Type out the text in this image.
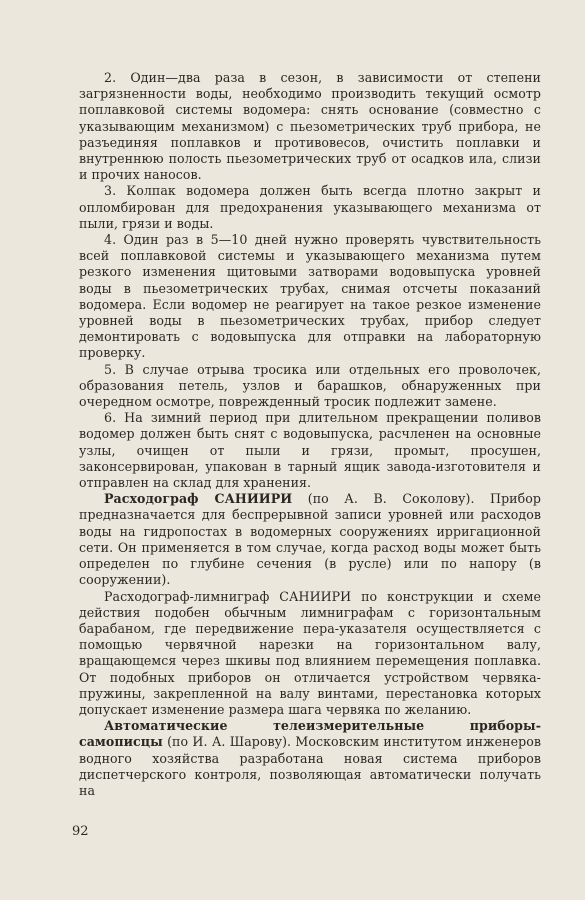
2. Один—два раза в сезон, в зависимости от степени загрязненности воды, необходимо производить текущий осмотр поплавковой системы водомера: снять основание (совместно с указывающим механизмом) с пьезометрических труб прибора, не разъединяя поплавков и противовесов, очистить поплавки и внутреннюю полость пьезометрических труб от осадков ила, слизи и прочих наносов.

3. Колпак водомера должен быть всегда плотно закрыт и опломбирован для предохранения указывающего механизма от пыли, грязи и воды.

4. Один раз в 5—10 дней нужно проверять чувствительность всей поплавковой системы и указывающего механизма путем резкого изменения щитовыми затворами водовыпуска уровней воды в пьезометрических трубах, снимая отсчеты показаний водомера. Если водомер не реагирует на такое резкое изменение уровней воды в пьезометрических трубах, прибор следует демонтировать с водовыпуска для отправки на лабораторную проверку.

5. В случае отрыва тросика или отдельных его проволочек, образования петель, узлов и барашков, обнаруженных при очередном осмотре, поврежденный тросик подлежит замене.

6. На зимний период при длительном прекращении поливов водомер должен быть снят с водовыпуска, расчленен на основные узлы, очищен от пыли и грязи, промыт, просушен, законсервирован, упакован в тарный ящик завода-изготовителя и отправлен на склад для хранения.

Расходограф САНИИРИ (по А. В. Соколову). Прибор предназначается для беспрерывной записи уровней или расходов воды на гидропостах в водомерных сооружениях ирригационной сети. Он применяется в том случае, когда расход воды может быть определен по глубине сечения (в русле) или по напору (в сооружении).

Расходограф-лимниграф САНИИРИ по конструкции и схеме действия подобен обычным лимниграфам с горизонтальным барабаном, где передвижение пера-указателя осуществляется с помощью червячной нарезки на горизонтальном валу, вращающемся через шкивы под влиянием перемещения поплавка. От подобных приборов он отличается устройством червяка-пружины, закрепленной на валу винтами, перестановка которых допускает изменение размера шага червяка по желанию.

Автоматические телеизмерительные приборы-самописцы (по И. А. Шарову). Московским институтом инженеров водного хозяйства разработана новая система приборов диспетчерского контроля, позволяющая автоматически получать на

92
